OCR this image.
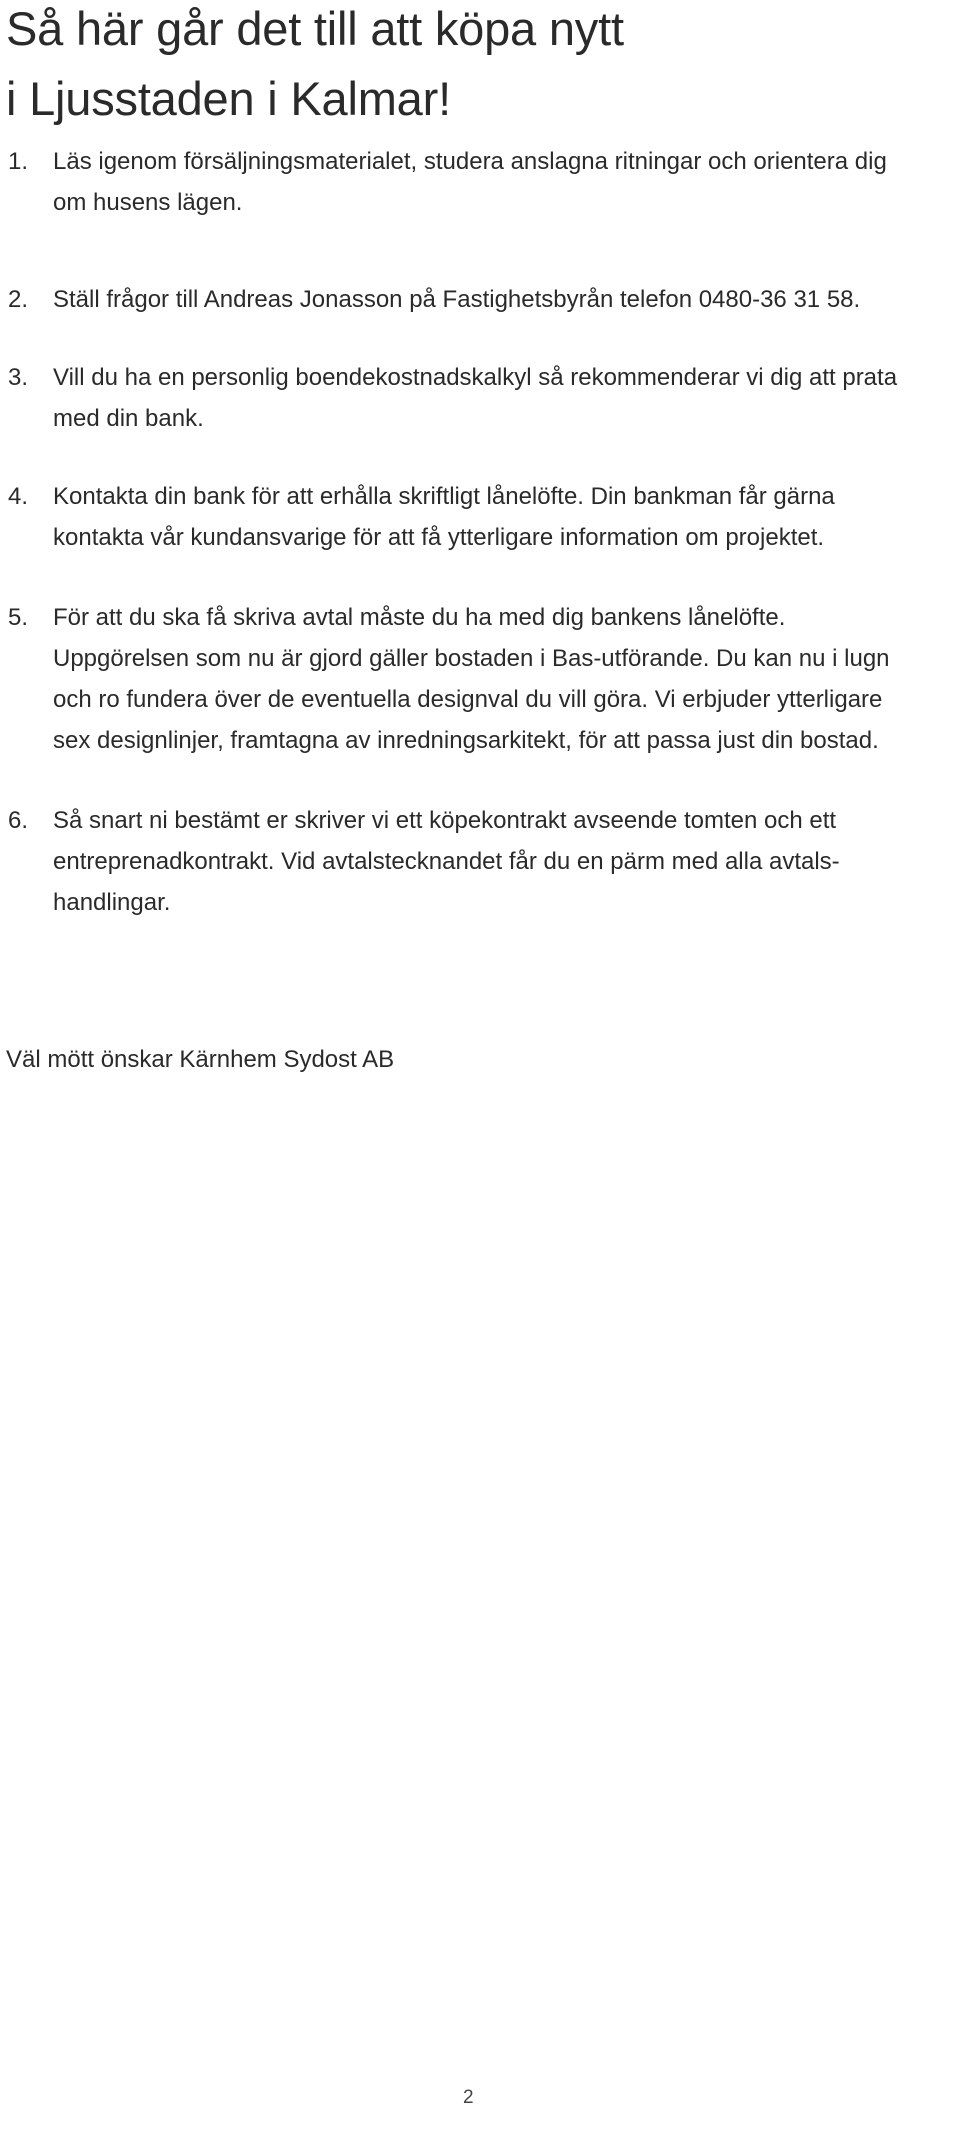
Så här går det till att köpa nytt
i Ljusstaden i Kalmar!
1.	Läs igenom försäljningsmaterialet, studera anslagna ritningar och orientera dig
om husens lägen.
2.	Ställ frågor till Andreas Jonasson på Fastighetsbyrån telefon 0480-36 31 58.
3.	Vill du ha en personlig boendekostnadskalkyl så rekommenderar vi dig att prata
med din bank.
4.	Kontakta din bank för att erhålla skriftligt lånelöfte. Din bankman får gärna
kontakta vår kundansvarige för att få ytterligare information om projektet.
5.	För att du ska få skriva avtal måste du ha med dig bankens lånelöfte.
Uppgörelsen som nu är gjord gäller bostaden i Bas-utförande. Du kan nu i lugn
och ro fundera över de eventuella designval du vill göra. Vi erbjuder ytterligare
sex designlinjer, framtagna av inredningsarkitekt, för att passa just din bostad.
6.	Så snart ni bestämt er skriver vi ett köpekontrakt avseende tomten och ett
entreprenadkontrakt. Vid avtalstecknandet får du en pärm med alla avtals-
handlingar.
Väl mött önskar Kärnhem Sydost AB
2
